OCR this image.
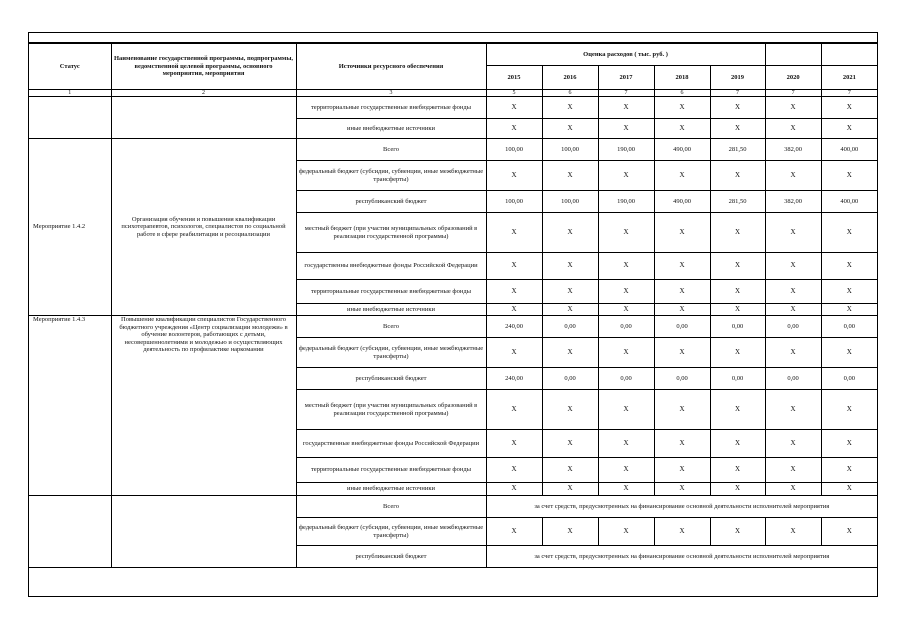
Статус	Наименование государственной программы, подпрограммы, ведомственной целевой программы, основного мероприятия, мероприятия	Источники ресурсного обеспечения	Оценка расходов ( тыс. руб. )						
			2015	2016	2017	2018	2019	2020	2021
1	2	3	5	6	7	6	7	7	7
		территориальные государственные внебюджетные фонды	X	X	X	X	X	X	X
		иные внебюджетные источники	X	X	X	X	X	X	X
Мероприятие 1.4.2	Организация обучения и повышения квалификации психотерапевтов, психологов, специалистов по социальной работе в сфере реабилитации и ресоциализации	Всего	100,00	100,00	190,00	490,00	281,50	382,00	400,00
		федеральный бюджет (субсидии, субвенции, иные межбюджетные трансферты)	X	X	X	X	X	X	X
		республиканский бюджет	100,00	100,00	190,00	490,00	281,50	382,00	400,00
		местный бюджет (при участии муниципальных образований в реализации государственной программы)	X	X	X	X	X	X	X
		государственны внебюджетные фонды Российской Федерации	X	X	X	X	X	X	X
		территориальные государственные внебюджетные фонды	X	X	X	X	X	X	X
		иные внебюджетные источники	X	X	X	X	X	X	X
Мероприятие 1.4.3	Повышение квалификации специалистов Государственного бюджетного учреждения «Центр социализации молодежи» в обучение волонтеров, работающих с детьми, несовершеннолетними и молодежью и осуществляющих деятельность по профилактике наркомании	Всего	240,00	0,00	0,00	0,00	0,00	0,00	0,00
		федеральный бюджет (субсидии, субвенции, иные межбюджетные трансферты)	X	X	X	X	X	X	X
		республиканский бюджет	240,00	0,00	0,00	0,00	0,00	0,00	0,00
		местный бюджет (при участии муниципальных образований в реализации государственной программы)	X	X	X	X	X	X	X
		государственные внебюджетные фонды Российской Федерации	X	X	X	X	X	X	X
		территориальные государственные внебюджетные фонды	X	X	X	X	X	X	X
		иные внебюджетные источники	X	X	X	X	X	X	X
		Всего	за счет средств, предусмотренных на финансирование основной деятельности исполнителей мероприятия						
		федеральный бюджет (субсидии, субвенции, иные межбюджетные трансферты)	X	X	X	X	X	X	X
		республиканский бюджет	за счет средств, предусмотренных на финансирование основной деятельности исполнителей мероприятия						
